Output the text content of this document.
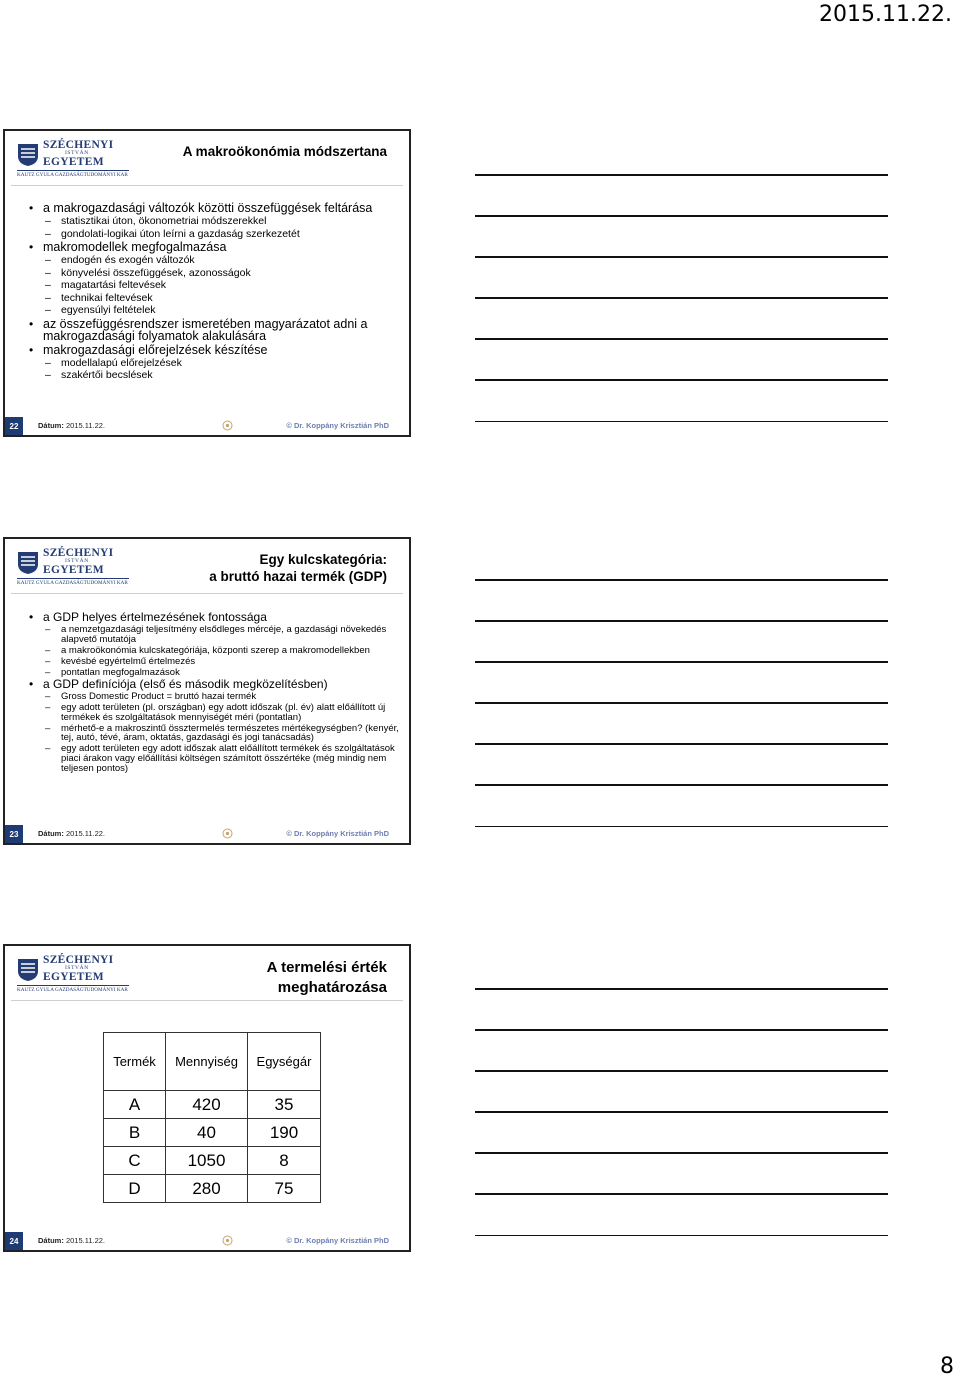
2015.11.22.
SZÉCHENYI
ISTVÁN
EGYETEM
KAUTZ GYULA GAZDASÁGTUDOMÁNYI KAR
A makroökonómia módszertana
• a makrogazdasági változók közötti összefüggések feltárása
– statisztikai úton, ökonometriai módszerekkel
– gondolati-logikai úton leírni a gazdaság szerkezetét
• makromodellek megfogalmazása
– endogén és exogén változók
– könyvelési összefüggések, azonosságok
– magatartási feltevések
– technikai feltevések
– egyensúlyi feltételek
• az összefüggésrendszer ismeretében magyarázatot adni a makrogazdasági folyamatok alakulására
• makrogazdasági előrejelzések készítése
– modellalapú előrejelzések
– szakértői becslések
22	Dátum: 2015.11.22.	© Dr. Koppány Krisztián PhD
SZÉCHENYI
ISTVÁN
EGYETEM
KAUTZ GYULA GAZDASÁGTUDOMÁNYI KAR
Egy kulcskategória:
a bruttó hazai termék (GDP)
• a GDP helyes értelmezésének fontossága
– a nemzetgazdasági teljesítmény elsődleges mércéje, a gazdasági növekedés alapvető mutatója
– a makroökonómia kulcskategóriája, központi szerep a makromodellekben
– kevésbé egyértelmű értelmezés
– pontatlan megfogalmazások
• a GDP definíciója (első és második megközelítésben)
– Gross Domestic Product = bruttó hazai termék
– egy adott területen (pl. országban) egy adott időszak (pl. év) alatt előállított új termékek és szolgáltatások mennyiségét méri (pontatlan)
– mérhető-e a makroszintű össztermelés természetes mértékegységben? (kenyér, tej, autó, tévé, áram, oktatás, gazdasági és jogi tanácsadás)
– egy adott területen egy adott időszak alatt előállított termékek és szolgáltatások piaci árakon vagy előállítási költségen számított összértéke (még mindig nem teljesen pontos)
23	Dátum: 2015.11.22.	© Dr. Koppány Krisztián PhD
SZÉCHENYI
ISTVÁN
EGYETEM
KAUTZ GYULA GAZDASÁGTUDOMÁNYI KAR
A termelési érték
meghatározása
Termék	Mennyiség	Egységár
A	420	35
B	40	190
C	1050	8
D	280	75
24	Dátum: 2015.11.22.	© Dr. Koppány Krisztián PhD
8
